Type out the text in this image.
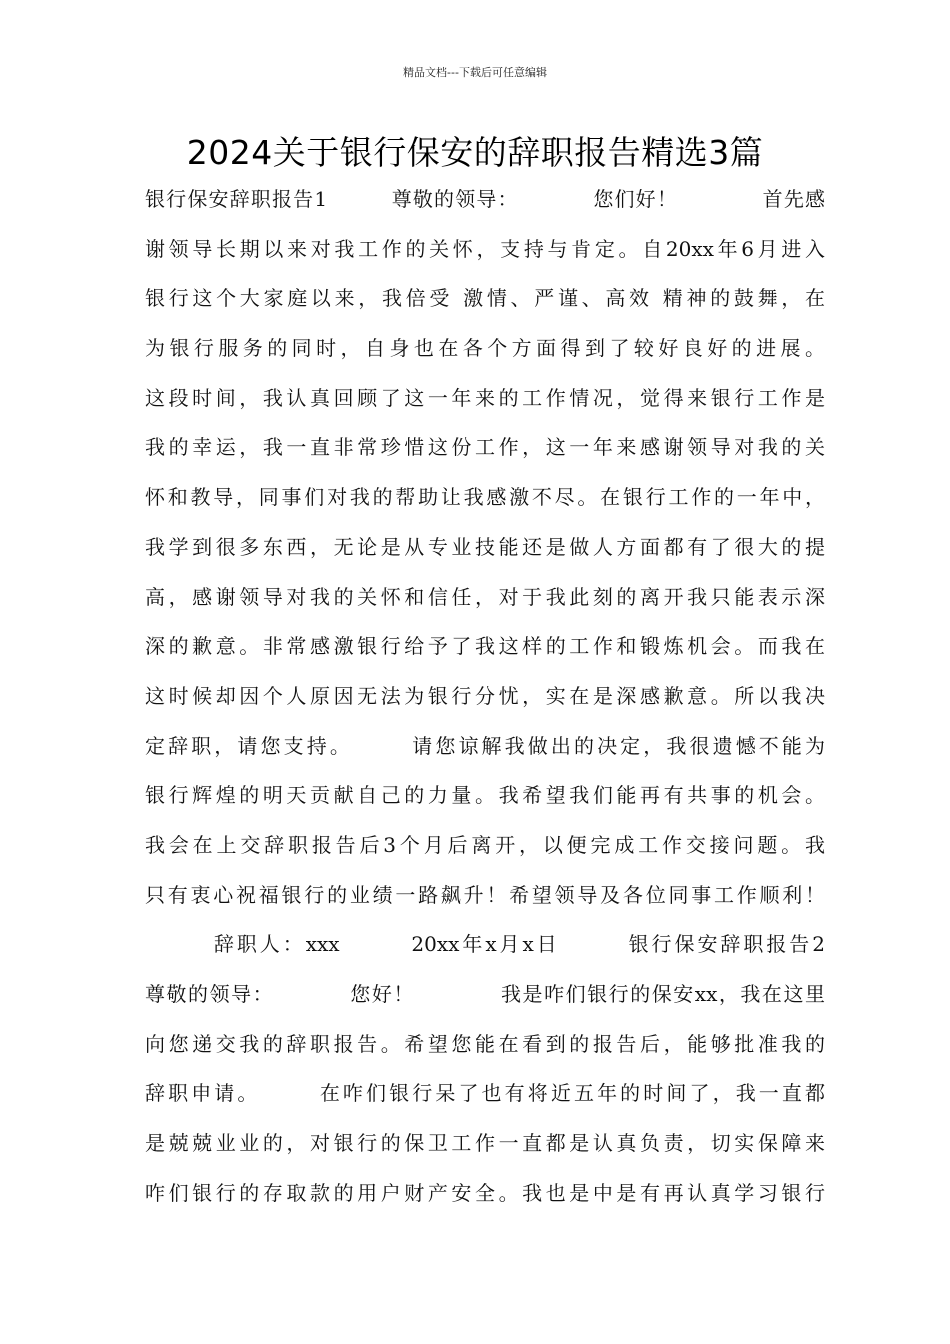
精品文档---下载后可任意编辑
2024关于银行保安的辞职报告精选3篇
银行保安辞职报告1　　　尊敬的领导：　　　　您们好！　　　　首先感
谢领导长期以来对我工作的关怀，支持与肯定。自20xx年6月进入
银行这个大家庭以来，我倍受 激情、严谨、高效 精神的鼓舞，在
为银行服务的同时，自身也在各个方面得到了较好良好的进展。
这段时间，我认真回顾了这一年来的工作情况，觉得来银行工作是
我的幸运，我一直非常珍惜这份工作，这一年来感谢领导对我的关
怀和教导，同事们对我的帮助让我感激不尽。在银行工作的一年中，
我学到很多东西，无论是从专业技能还是做人方面都有了很大的提
高，感谢领导对我的关怀和信任，对于我此刻的离开我只能表示深
深的歉意。非常感激银行给予了我这样的工作和锻炼机会。而我在
这时候却因个人原因无法为银行分忧，实在是深感歉意。所以我决
定辞职，请您支持。　　　请您谅解我做出的决定，我很遗憾不能为
银行辉煌的明天贡献自己的力量。我希望我们能再有共事的机会。
我会在上交辞职报告后3个月后离开，以便完成工作交接问题。我
只有衷心祝福银行的业绩一路飙升！希望领导及各位同事工作顺利！
　　　辞职人：xxx　　　20xx年x月x日　　　银行保安辞职报告2
尊敬的领导：　　　　您好！　　　　我是咋们银行的保安xx，我在这里
向您递交我的辞职报告。希望您能在看到的报告后，能够批准我的
辞职申请。　　　在咋们银行呆了也有将近五年的时间了，我一直都
是兢兢业业的，对银行的保卫工作一直都是认真负责，切实保障来
咋们银行的存取款的用户财产安全。我也是中是有再认真学习银行
